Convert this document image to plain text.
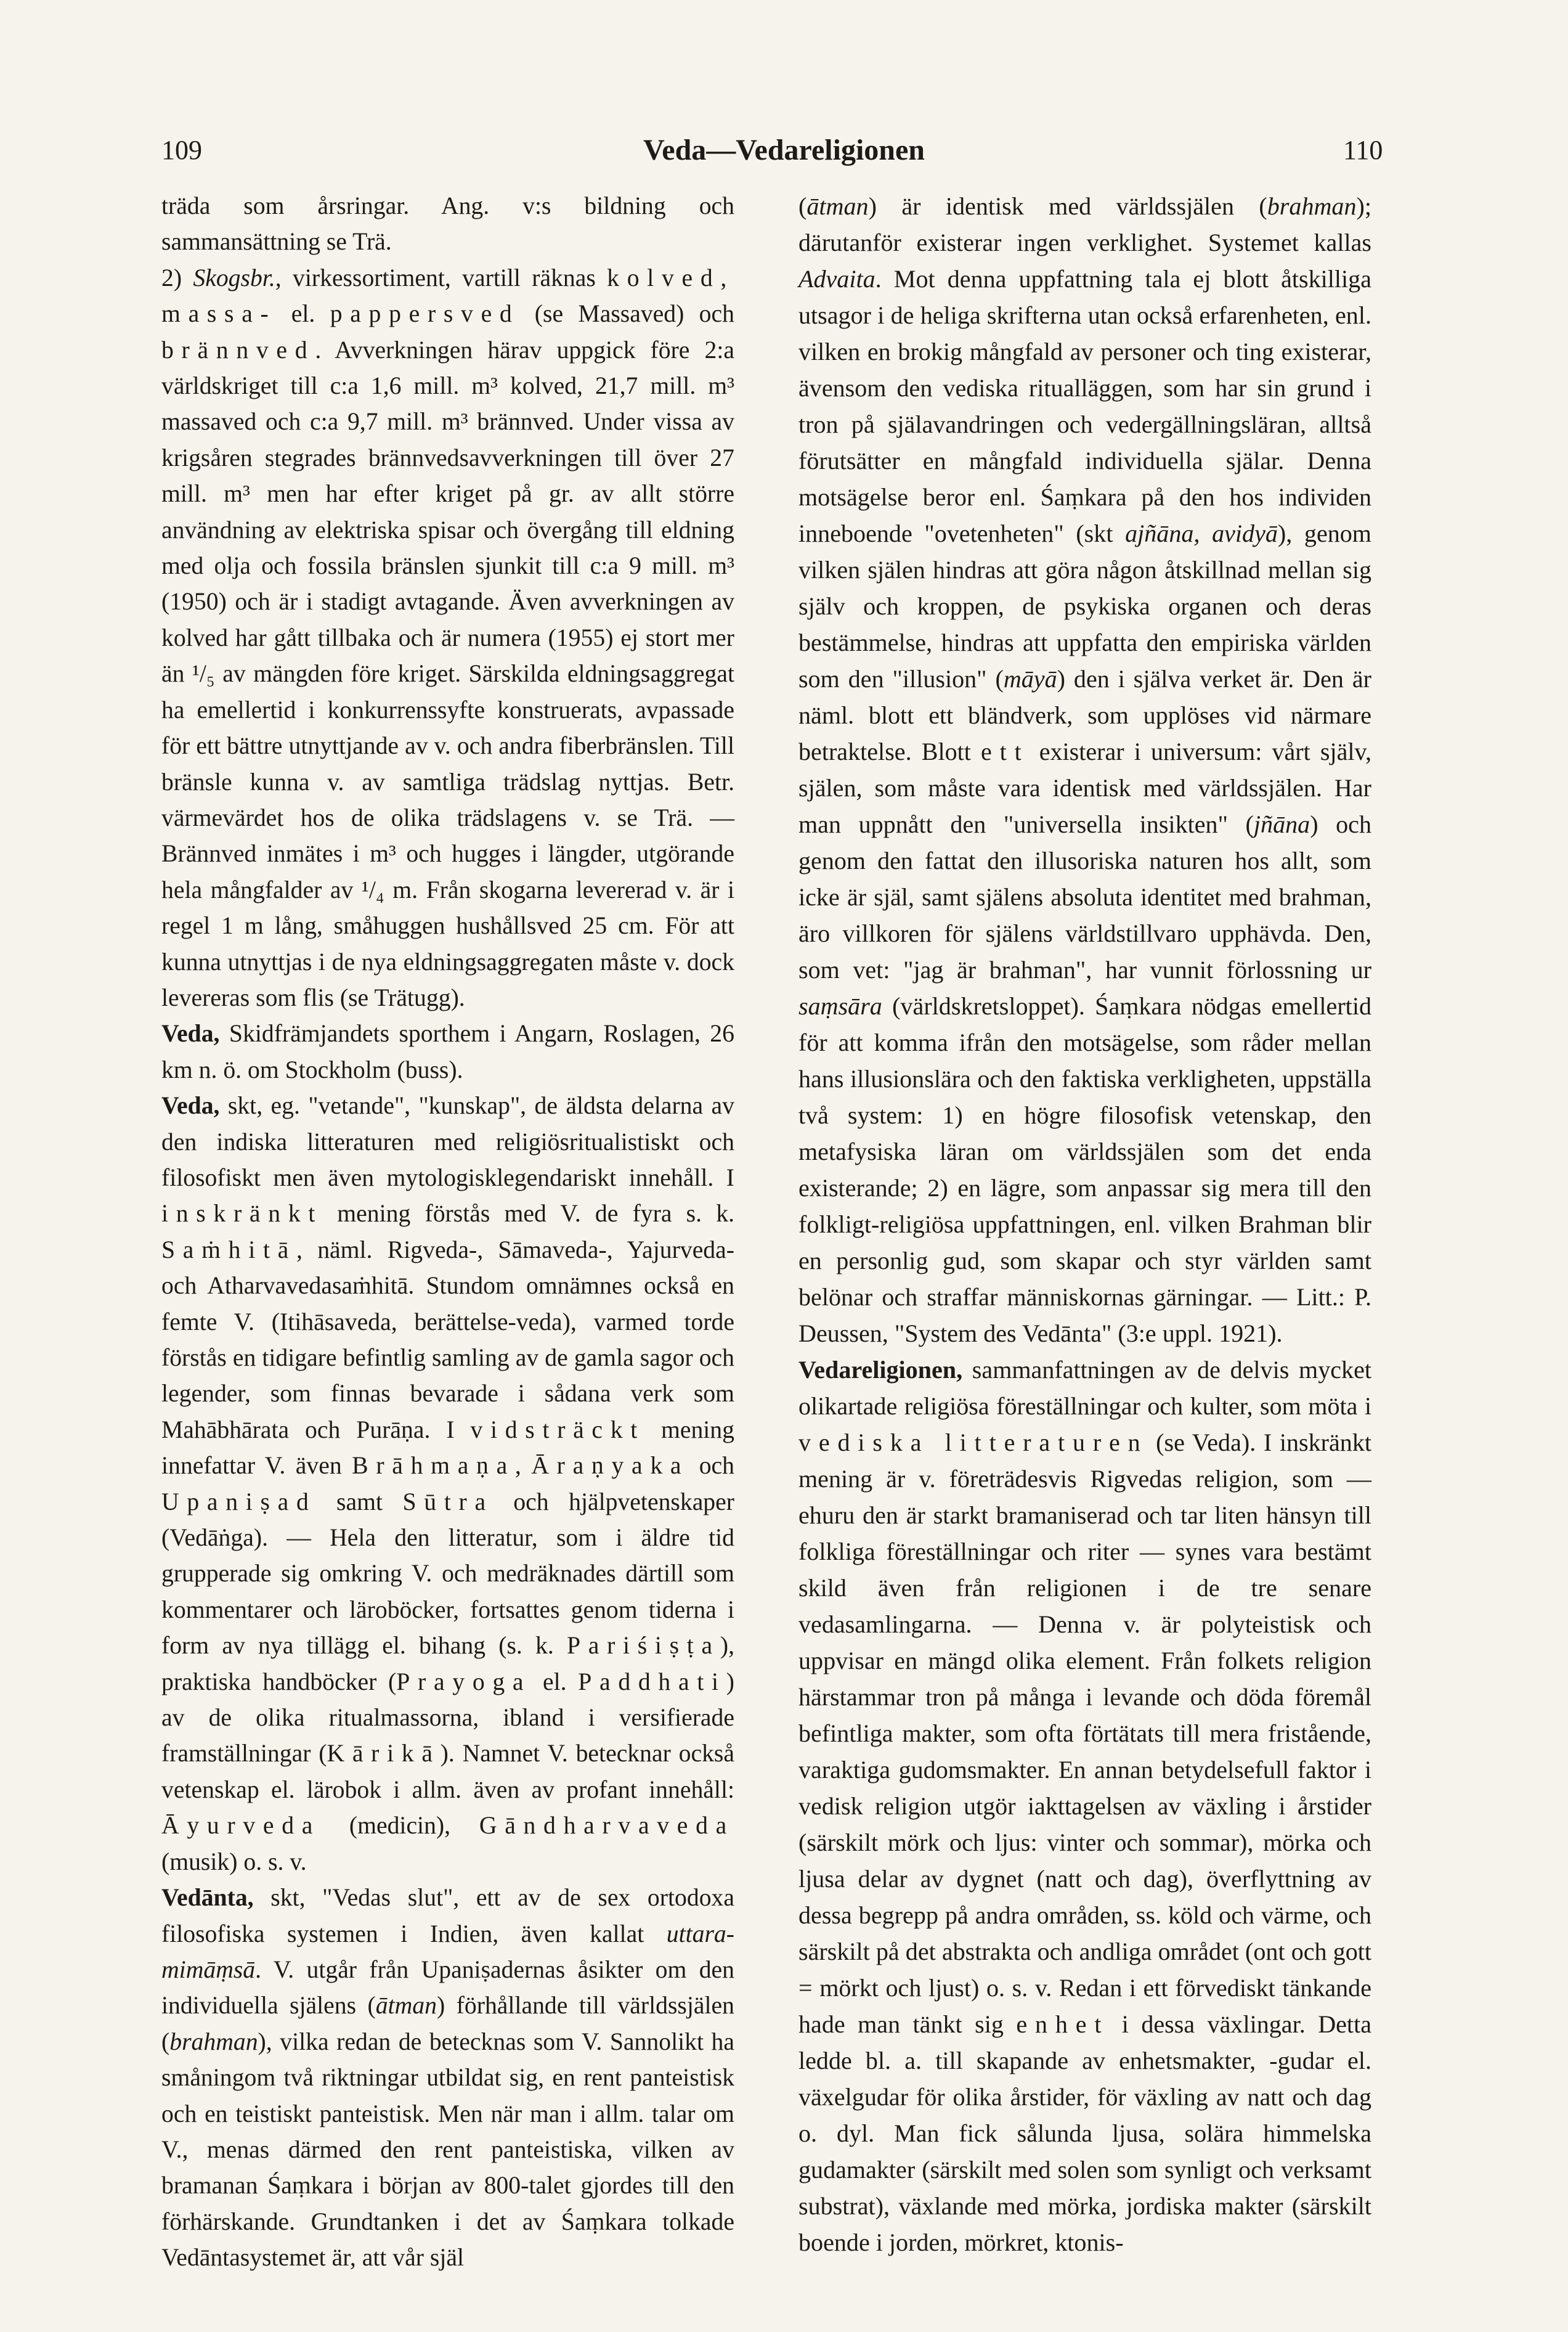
109	Veda—Vedareligionen	110

träda som årsringar. Ang. v:s bildning och sammansättning se Trä.

2) Skogsbr., virkessortiment, vartill räknas kolved, massa- el. pappersved (se Massaved) och brännved. Avverkningen härav uppgick före 2:a världskriget till c:a 1,6 mill. m³ kolved, 21,7 mill. m³ massaved och c:a 9,7 mill. m³ brännved. Under vissa av krigsåren stegrades brännvedsavverkningen till över 27 mill. m³ men har efter kriget på gr. av allt större användning av elektriska spisar och övergång till eldning med olja och fossila bränslen sjunkit till c:a 9 mill. m³ (1950) och är i stadigt avtagande. Även avverkningen av kolved har gått tillbaka och är numera (1955) ej stort mer än ¹/₅ av mängden före kriget. Särskilda eldningsaggregat ha emellertid i konkurrenssyfte konstruerats, avpassade för ett bättre utnyttjande av v. och andra fiberbränslen. Till bränsle kunna v. av samtliga trädslag nyttjas. Betr. värmevärdet hos de olika trädslagens v. se Trä. — Brännved inmätes i m³ och hugges i längder, utgörande hela mångfalder av ¹/₄ m. Från skogarna levererad v. är i regel 1 m lång, småhuggen hushållsved 25 cm. För att kunna utnyttjas i de nya eldningsaggregaten måste v. dock levereras som flis (se Trätugg).

Veda, Skidfrämjandets sporthem i Angarn, Roslagen, 26 km n. ö. om Stockholm (buss).

Veda, skt, eg. "vetande", "kunskap", de äldsta delarna av den indiska litteraturen med religiösritualistiskt och filosofiskt men även mytologisklegendariskt innehåll. I inskränkt mening förstås med V. de fyra s. k. Saṁhitā, näml. Rigveda-, Sāmaveda-, Yajurveda- och Atharvavedasaṁhitā. Stundom omnämnes också en femte V. (Itihāsaveda, berättelse-veda), varmed torde förstås en tidigare befintlig samling av de gamla sagor och legender, som finnas bevarade i sådana verk som Mahābhārata och Purāṇa. I vidsträckt mening innefattar V. även Brāhmaṇa, Āraṇyaka och Upaniṣad samt Sūtra och hjälpvetenskaper (Vedāṅga). — Hela den litteratur, som i äldre tid grupperade sig omkring V. och medräknades därtill som kommentarer och läroböcker, fortsattes genom tiderna i form av nya tillägg el. bihang (s. k. Pariśiṣṭa), praktiska handböcker (Prayoga el. Paddhati) av de olika ritualmassorna, ibland i versifierade framställningar (Kārikā). Namnet V. betecknar också vetenskap el. lärobok i allm. även av profant innehåll: Āyurveda (medicin), Gāndharvaveda (musik) o. s. v.

Vedānta, skt, "Vedas slut", ett av de sex ortodoxa filosofiska systemen i Indien, även kallat uttara-mimāṃsā. V. utgår från Upaniṣadernas åsikter om den individuella själens (ātman) förhållande till världssjälen (brahman), vilka redan de betecknas som V. Sannolikt ha småningom två riktningar utbildat sig, en rent panteistisk och en teistiskt panteistisk. Men när man i allm. talar om V., menas därmed den rent panteistiska, vilken av bramanan Śaṃkara i början av 800-talet gjordes till den förhärskande. Grundtanken i det av Śaṃkara tolkade Vedāntasystemet är, att vår själ

(ātman) är identisk med världssjälen (brahman); därutanför existerar ingen verklighet. Systemet kallas Advaita. Mot denna uppfattning tala ej blott åtskilliga utsagor i de heliga skrifterna utan också erfarenheten, enl. vilken en brokig mångfald av personer och ting existerar, ävensom den vediska ritualläggen, som har sin grund i tron på själavandringen och vedergällningsläran, alltså förutsätter en mångfald individuella själar. Denna motsägelse beror enl. Śaṃkara på den hos individen inneboende "ovetenheten" (skt ajñāna, avidyā), genom vilken själen hindras att göra någon åtskillnad mellan sig själv och kroppen, de psykiska organen och deras bestämmelse, hindras att uppfatta den empiriska världen som den "illusion" (māyā) den i själva verket är. Den är näml. blott ett bländverk, som upplöses vid närmare betraktelse. Blott ett existerar i universum: vårt själv, själen, som måste vara identisk med världssjälen. Har man uppnått den "universella insikten" (jñāna) och genom den fattat den illusoriska naturen hos allt, som icke är själ, samt själens absoluta identitet med brahman, äro villkoren för själens världstillvaro upphävda. Den, som vet: "jag är brahman", har vunnit förlossning ur saṃsāra (världskretsloppet). Śaṃkara nödgas emellertid för att komma ifrån den motsägelse, som råder mellan hans illusionslära och den faktiska verkligheten, uppställa två system: 1) en högre filosofisk vetenskap, den metafysiska läran om världssjälen som det enda existerande; 2) en lägre, som anpassar sig mera till den folkligt-religiösa uppfattningen, enl. vilken Brahman blir en personlig gud, som skapar och styr världen samt belönar och straffar människornas gärningar. — Litt.: P. Deussen, "System des Vedānta" (3:e uppl. 1921).

Vedareligionen, sammanfattningen av de delvis mycket olikartade religiösa föreställningar och kulter, som möta i vediska litteraturen (se Veda). I inskränkt mening är v. företrädesvis Rigvedas religion, som — ehuru den är starkt bramaniserad och tar liten hänsyn till folkliga föreställningar och riter — synes vara bestämt skild även från religionen i de tre senare vedasamlingarna. — Denna v. är polyteistisk och uppvisar en mängd olika element. Från folkets religion härstammar tron på många i levande och döda föremål befintliga makter, som ofta förtätats till mera fristående, varaktiga gudomsmakter. En annan betydelsefull faktor i vedisk religion utgör iakttagelsen av växling i årstider (särskilt mörk och ljus: vinter och sommar), mörka och ljusa delar av dygnet (natt och dag), överflyttning av dessa begrepp på andra områden, ss. köld och värme, och särskilt på det abstrakta och andliga området (ont och gott = mörkt och ljust) o. s. v. Redan i ett förvediskt tänkande hade man tänkt sig enhet i dessa växlingar. Detta ledde bl. a. till skapande av enhetsmakter, -gudar el. växelgudar för olika årstider, för växling av natt och dag o. dyl. Man fick sålunda ljusa, solära himmelska gudamakter (särskilt med solen som synligt och verksamt substrat), växlande med mörka, jordiska makter (särskilt boende i jorden, mörkret, ktonis-
